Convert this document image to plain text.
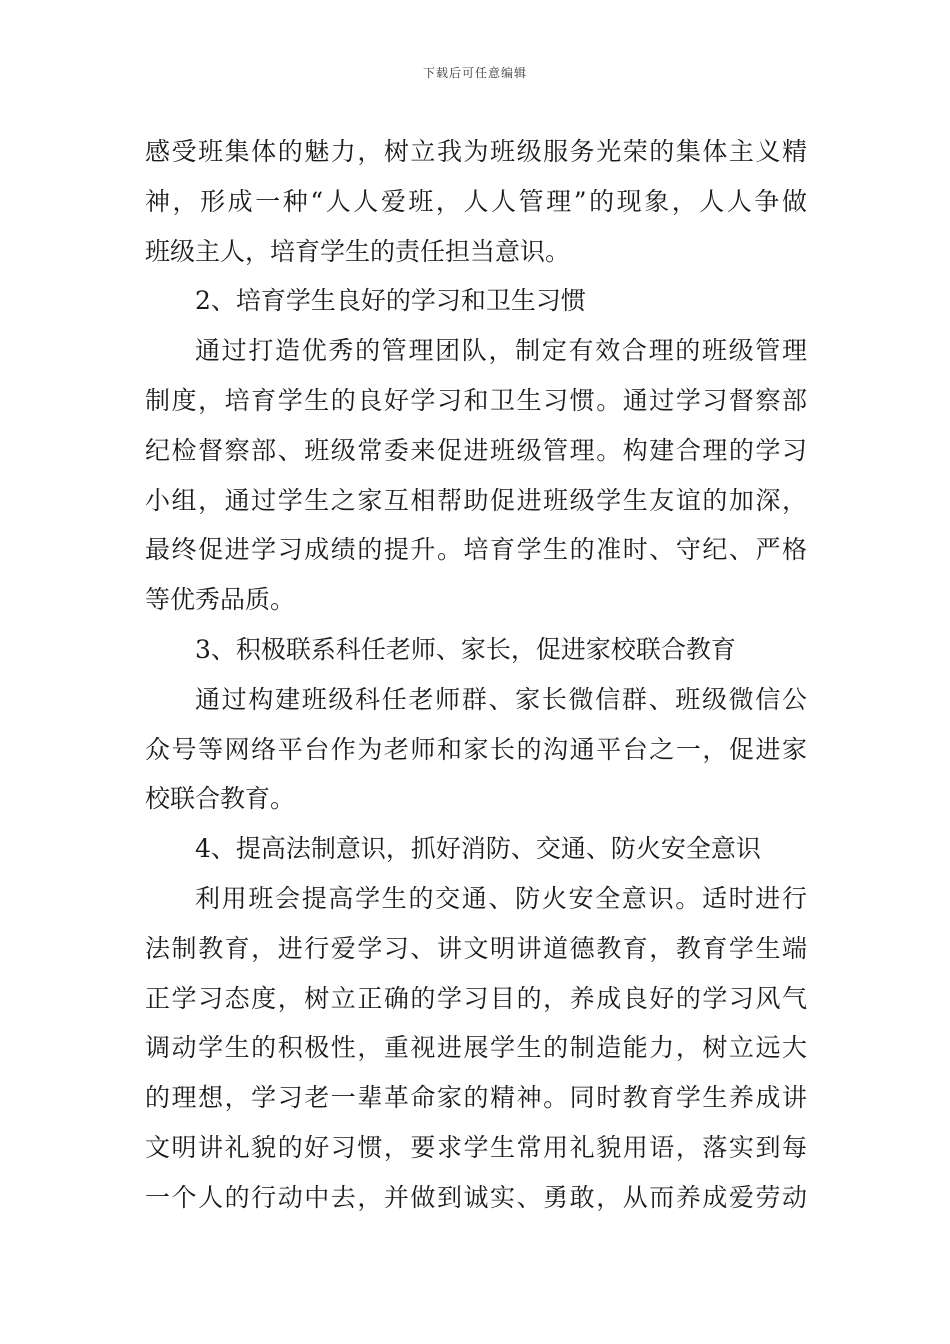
下载后可任意编辑
感受班集体的魅力，树立我为班级服务光荣的集体主义精
神，形成一种“人人爱班，人人管理”的现象，人人争做
班级主人，培育学生的责任担当意识。
2、培育学生良好的学习和卫生习惯
通过打造优秀的管理团队，制定有效合理的班级管理
制度，培育学生的良好学习和卫生习惯。通过学习督察部
纪检督察部、班级常委来促进班级管理。构建合理的学习
小组，通过学生之家互相帮助促进班级学生友谊的加深，
最终促进学习成绩的提升。培育学生的准时、守纪、严格
等优秀品质。
3、积极联系科任老师、家长，促进家校联合教育
通过构建班级科任老师群、家长微信群、班级微信公
众号等网络平台作为老师和家长的沟通平台之一，促进家
校联合教育。
4、提高法制意识，抓好消防、交通、防火安全意识
利用班会提高学生的交通、防火安全意识。适时进行
法制教育，进行爱学习、讲文明讲道德教育，教育学生端
正学习态度，树立正确的学习目的，养成良好的学习风气
调动学生的积极性，重视进展学生的制造能力，树立远大
的理想，学习老一辈革命家的精神。同时教育学生养成讲
文明讲礼貌的好习惯，要求学生常用礼貌用语，落实到每
一个人的行动中去，并做到诚实、勇敢，从而养成爱劳动
